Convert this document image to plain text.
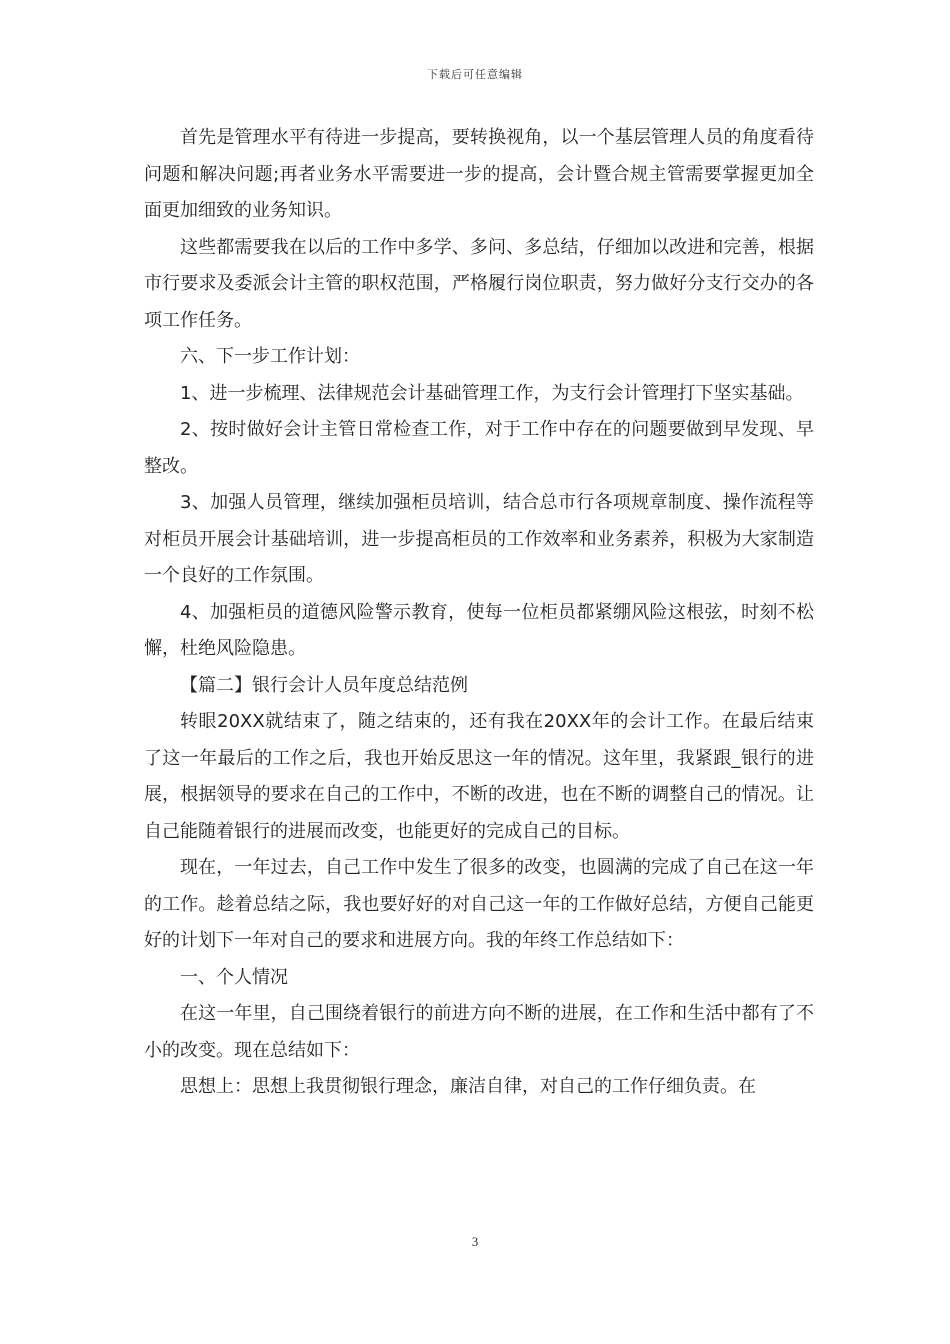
下载后可任意编辑

首先是管理水平有待进一步提高，要转换视角，以一个基层管理人员的角度看待问题和解决问题;再者业务水平需要进一步的提高，会计暨合规主管需要掌握更加全面更加细致的业务知识。

这些都需要我在以后的工作中多学、多问、多总结，仔细加以改进和完善，根据市行要求及委派会计主管的职权范围，严格履行岗位职责，努力做好分支行交办的各项工作任务。

六、下一步工作计划：

1、进一步梳理、法律规范会计基础管理工作，为支行会计管理打下坚实基础。

2、按时做好会计主管日常检查工作，对于工作中存在的问题要做到早发现、早整改。

3、加强人员管理，继续加强柜员培训，结合总市行各项规章制度、操作流程等对柜员开展会计基础培训，进一步提高柜员的工作效率和业务素养，积极为大家制造一个良好的工作氛围。

4、加强柜员的道德风险警示教育，使每一位柜员都紧绷风险这根弦，时刻不松懈，杜绝风险隐患。

【篇二】银行会计人员年度总结范例

转眼20XX就结束了，随之结束的，还有我在20XX年的会计工作。在最后结束了这一年最后的工作之后，我也开始反思这一年的情况。这年里，我紧跟_银行的进展，根据领导的要求在自己的工作中，不断的改进，也在不断的调整自己的情况。让自己能随着银行的进展而改变，也能更好的完成自己的目标。

现在，一年过去，自己工作中发生了很多的改变，也圆满的完成了自己在这一年的工作。趁着总结之际，我也要好好的对自己这一年的工作做好总结，方便自己能更好的计划下一年对自己的要求和进展方向。我的年终工作总结如下：

一、个人情况

在这一年里，自己围绕着银行的前进方向不断的进展，在工作和生活中都有了不小的改变。现在总结如下：

思想上：思想上我贯彻银行理念，廉洁自律，对自己的工作仔细负责。在

3
